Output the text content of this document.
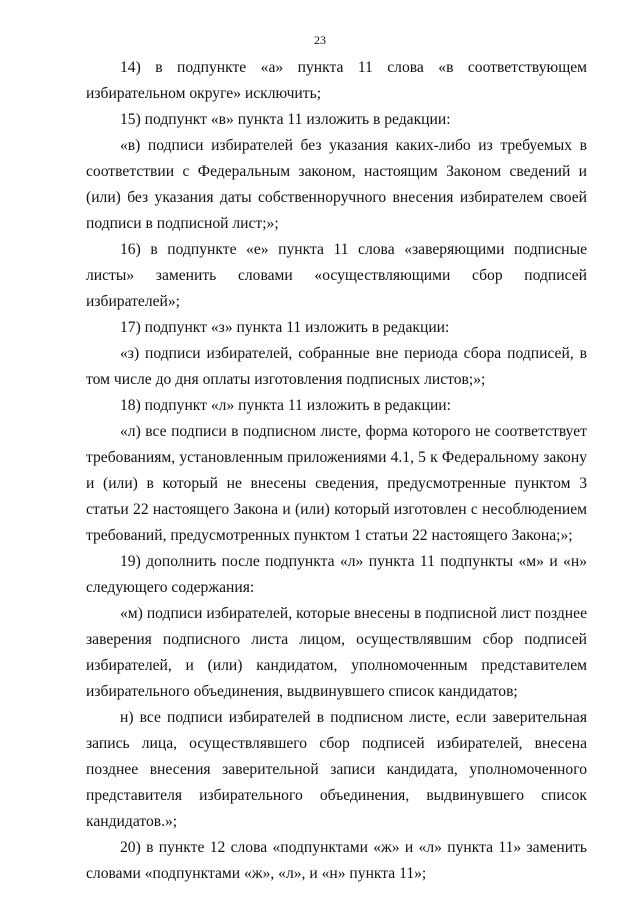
23

14) в подпункте «а» пункта 11 слова «в соответствующем избирательном округе» исключить;

15) подпункт «в» пункта 11 изложить в редакции:

«в) подписи избирателей без указания каких-либо из требуемых в соответствии с Федеральным законом, настоящим Законом сведений и (или) без указания даты собственноручного внесения избирателем своей подписи в подписной лист;»;

16) в подпункте «е» пункта 11 слова «заверяющими подписные листы» заменить словами «осуществляющими сбор подписей избирателей»;

17) подпункт «з» пункта 11 изложить в редакции:

«з) подписи избирателей, собранные вне периода сбора подписей, в том числе до дня оплаты изготовления подписных листов;»;

18) подпункт «л» пункта 11 изложить в редакции:

«л) все подписи в подписном листе, форма которого не соответствует требованиям, установленным приложениями 4.1, 5 к Федеральному закону и (или) в который не внесены сведения, предусмотренные пунктом 3 статьи 22 настоящего Закона и (или) который изготовлен с несоблюдением требований, предусмотренных пунктом 1 статьи 22 настоящего Закона;»;

19) дополнить после подпункта «л» пункта 11 подпункты «м» и «н» следующего содержания:

«м) подписи избирателей, которые внесены в подписной лист позднее заверения подписного листа лицом, осуществлявшим сбор подписей избирателей, и (или) кандидатом, уполномоченным представителем избирательного объединения, выдвинувшего список кандидатов;

н) все подписи избирателей в подписном листе, если заверительная запись лица, осуществлявшего сбор подписей избирателей, внесена позднее внесения заверительной записи кандидата, уполномоченного представителя избирательного объединения, выдвинувшего список кандидатов.»;

20) в пункте 12 слова «подпунктами «ж» и «л» пункта 11» заменить словами «подпунктами «ж», «л», и «н» пункта 11»;
